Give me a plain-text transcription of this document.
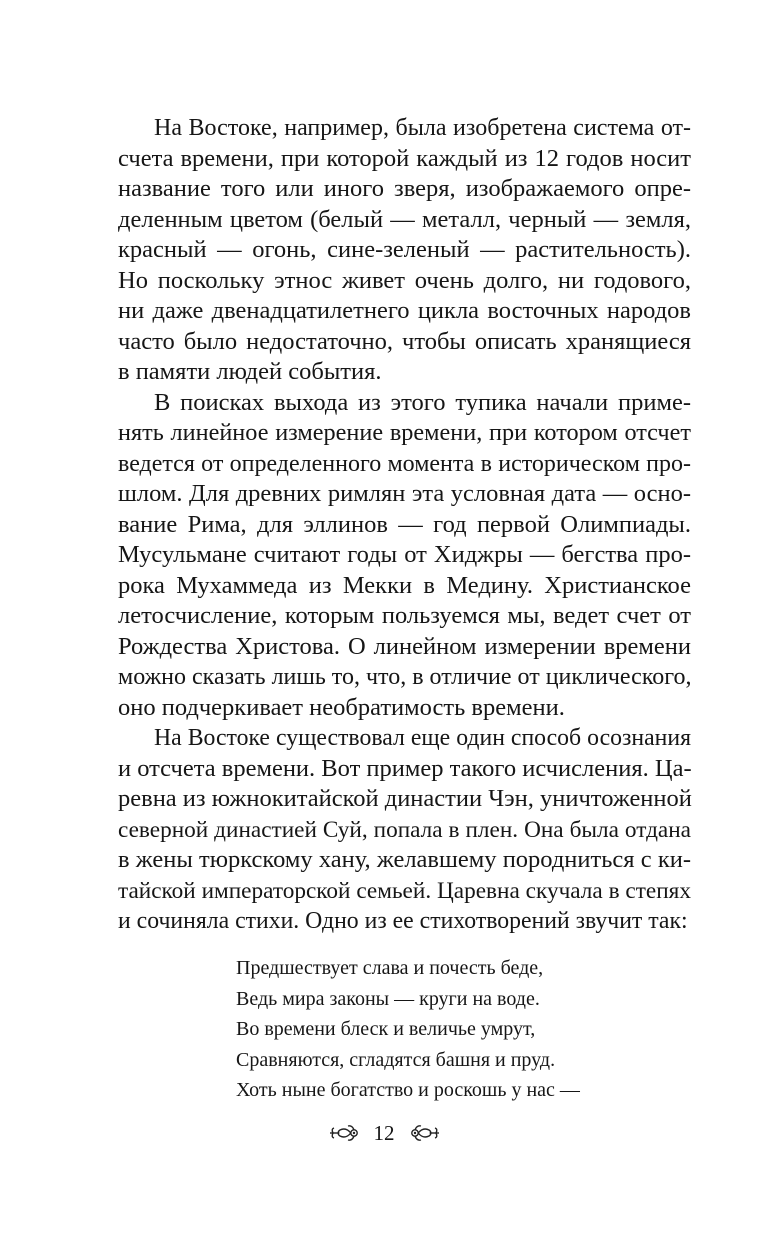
На Востоке, например, была изобретена система от-
счета времени, при которой каждый из 12 годов носит
название того или иного зверя, изображаемого опре-
деленным цветом (белый — металл, черный — земля,
красный — огонь, сине-зеленый — растительность).
Но поскольку этнос живет очень долго, ни годового,
ни даже двенадцатилетнего цикла восточных народов
часто было недостаточно, чтобы описать хранящиеся
в памяти людей события.
В поисках выхода из этого тупика начали приме-
нять линейное измерение времени, при котором отсчет
ведется от определенного момента в историческом про-
шлом. Для древних римлян эта условная дата — осно-
вание Рима, для эллинов — год первой Олимпиады.
Мусульмане считают годы от Хиджры — бегства про-
рока Мухаммеда из Мекки в Медину. Христианское
летосчисление, которым пользуемся мы, ведет счет от
Рождества Христова. О линейном измерении времени
можно сказать лишь то, что, в отличие от циклического,
оно подчеркивает необратимость времени.
На Востоке существовал еще один способ осознания
и отсчета времени. Вот пример такого исчисления. Ца-
ревна из южнокитайской династии Чэн, уничтоженной
северной династией Суй, попала в плен. Она была отдана
в жены тюркскому хану, желавшему породниться с ки-
тайской императорской семьей. Царевна скучала в степях
и сочиняла стихи. Одно из ее стихотворений звучит так:
Предшествует слава и почесть беде,
Ведь мира законы — круги на воде.
Во времени блеск и величье умрут,
Сравняются, сгладятся башня и пруд.
Хоть ныне богатство и роскошь у нас —
12
